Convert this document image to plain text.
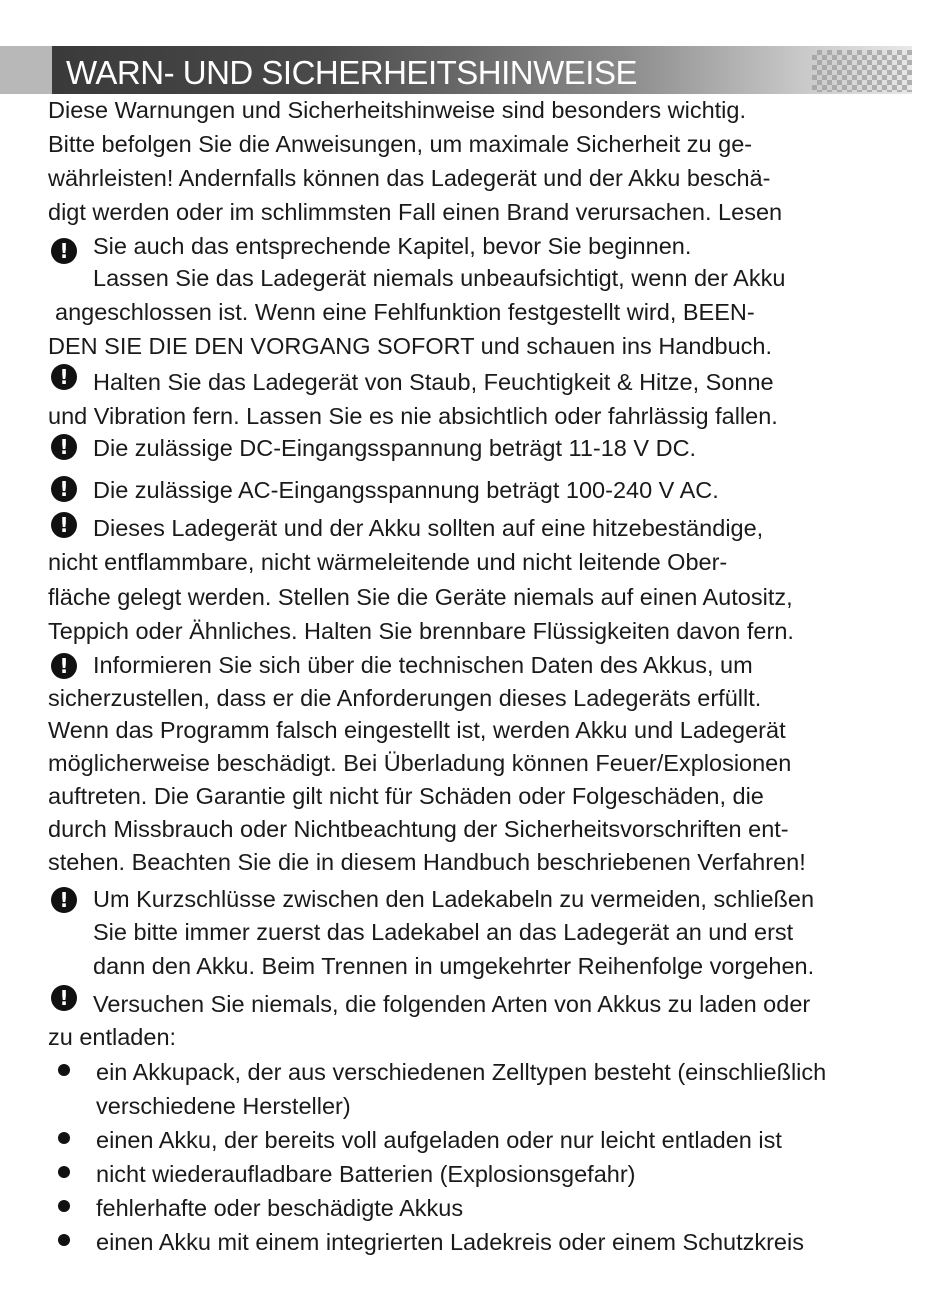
WARN- UND SICHERHEITSHINWEISE
Diese Warnungen und Sicherheitshinweise sind besonders wichtig.
Bitte befolgen Sie die Anweisungen, um maximale Sicherheit zu ge-
währleisten! Andernfalls können das Ladegerät und der Akku beschä-
digt werden oder im schlimmsten Fall einen Brand verursachen. Lesen
!	Sie auch das entsprechende Kapitel, bevor Sie beginnen.
Lassen Sie das Ladegerät niemals unbeaufsichtigt, wenn der Akku
angeschlossen ist. Wenn eine Fehlfunktion festgestellt wird, BEEN-
DEN SIE DIE DEN VORGANG SOFORT und schauen ins Handbuch.
!	Halten Sie das Ladegerät von Staub, Feuchtigkeit & Hitze, Sonne
und Vibration fern. Lassen Sie es nie absichtlich oder fahrlässig fallen.
!	Die zulässige DC-Eingangsspannung beträgt 11-18 V DC.
!	Die zulässige AC-Eingangsspannung beträgt 100-240 V AC.
!	Dieses Ladegerät und der Akku sollten auf eine hitzebeständige,
nicht entflammbare, nicht wärmeleitende und nicht leitende Ober-
fläche gelegt werden. Stellen Sie die Geräte niemals auf einen Autositz,
Teppich oder Ähnliches. Halten Sie brennbare Flüssigkeiten davon fern.
!	Informieren Sie sich über die technischen Daten des Akkus, um
sicherzustellen, dass er die Anforderungen dieses Ladegeräts erfüllt.
Wenn das Programm falsch eingestellt ist, werden Akku und Ladegerät
möglicherweise beschädigt. Bei Überladung können Feuer/Explosionen
auftreten. Die Garantie gilt nicht für Schäden oder Folgeschäden, die
durch Missbrauch oder Nichtbeachtung der Sicherheitsvorschriften ent-
stehen. Beachten Sie die in diesem Handbuch beschriebenen Verfahren!
!	Um Kurzschlüsse zwischen den Ladekabeln zu vermeiden, schließen
Sie bitte immer zuerst das Ladekabel an das Ladegerät an und erst
dann den Akku. Beim Trennen in umgekehrter Reihenfolge vorgehen.
!	Versuchen Sie niemals, die folgenden Arten von Akkus zu laden oder
zu entladen:
ein Akkupack, der aus verschiedenen Zelltypen besteht (einschließlich
verschiedene Hersteller)
einen Akku, der bereits voll aufgeladen oder nur leicht entladen ist
nicht wiederaufladbare Batterien (Explosionsgefahr)
fehlerhafte oder beschädigte Akkus
einen Akku mit einem integrierten Ladekreis oder einem Schutzkreis
